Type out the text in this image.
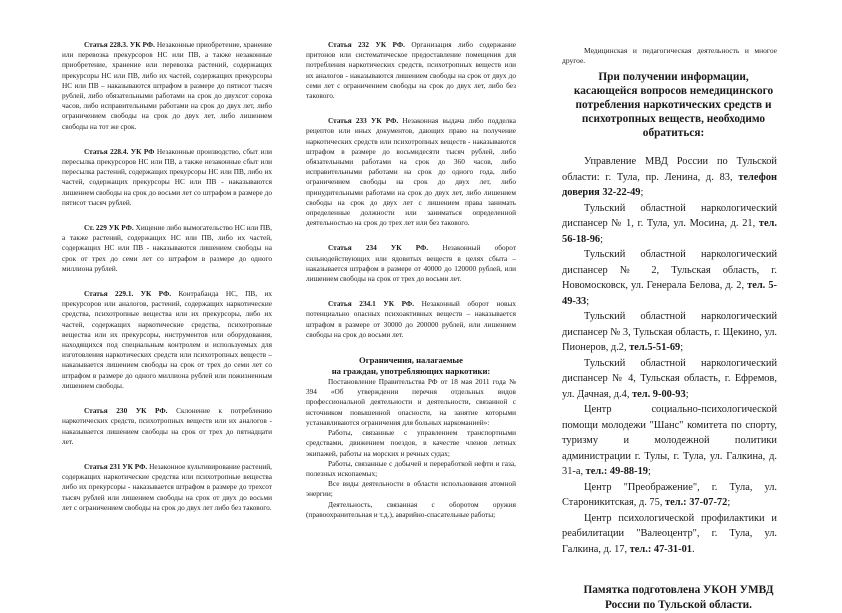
Статья 228.3. УК РФ. Незаконные приобретение, хранение или перевозка прекурсоров НС или ПВ, а также незаконные приобретение, хранение или перевозка растений, содержащих прекурсоры НС или ПВ, либо их частей, содержащих прекурсоры НС или ПВ – наказываются штрафом в размере до пятисот тысяч рублей, либо обязательными работами на срок до двухсот сорока часов, либо исправительными работами на срок до двух лет, либо ограничением свободы на срок до двух лет, либо лишением свободы на тот же срок.

Статья 228.4. УК РФ Незаконные производство, сбыт или пересылка прекурсоров НС или ПВ, а также незаконные сбыт или пересылка растений, содержащих прекурсоры НС или ПВ, либо их частей, содержащих прекурсоры НС или ПВ - наказываются лишением свободы на срок до восьми лет со штрафом в размере до пятисот тысяч рублей.

Ст. 229 УК РФ. Хищение либо вымогательство НС или ПВ, а также растений, содержащих НС или ПВ, либо их частей, содержащих НС или ПВ - наказываются лишением свободы на срок от трех до семи лет со штрафом в размере до одного миллиона рублей.

Статья 229.1. УК РФ. Контрабанда НС, ПВ, их прекурсоров или аналогов, растений, содержащих наркотические средства, психотропные вещества или их прекурсоры, либо их частей, содержащих наркотические средства, психотропные вещества или их прекурсоры, инструментов или оборудования, находящихся под специальным контролем и используемых для изготовления наркотических средств или психотропных веществ – наказывается лишением свободы на срок от трех до семи лет со штрафом в размере до одного миллиона рублей или пожизненным лишением свободы.

Статья 230 УК РФ. Склонение к потреблению наркотических средств, психотропных веществ или их аналогов - наказывается лишением свободы на срок от трех до пятнадцати лет.

Статья 231 УК РФ. Незаконное культивирование растений, содержащих наркотические средства или психотропные вещества либо их прекурсоры - наказывается штрафом в размере до трехсот тысяч рублей или лишением свободы на срок от двух до восьми лет с ограничением свободы на срок до двух лет либо без такового.

Статья 232 УК РФ. Организация либо содержание притонов или систематическое предоставление помещения для потребления наркотических средств, психотропных веществ или их аналогов - наказываются лишением свободы на срок от двух до семи лет с ограничением свободы на срок до двух лет, либо без такового.

Статья 233 УК РФ. Незаконная выдача либо подделка рецептов или иных документов, дающих право на получение наркотических средств или психотропных веществ - наказываются штрафом в размере до восьмидесяти тысяч рублей, либо обязательными работами на срок до 360 часов, либо исправительными работами на срок до одного года, либо ограничением свободы на срок до двух лет, либо принудительными работами на срок до двух лет, либо лишением свободы на срок до двух лет с лишением права занимать определенные должности или заниматься определенной деятельностью на срок до трех лет или без такового.

Статья 234 УК РФ. Незаконный оборот сильнодействующих или ядовитых веществ в целях сбыта – наказывается штрафом в размере от 40000 до 120000 рублей, или лишением свободы на срок от трех до восьми лет.

Статья 234.1 УК РФ. Незаконный оборот новых потенциально опасных психоактивных веществ – наказывается штрафом в размере от 30000 до 200000 рублей, или лишением свободы на срок до восьми лет.

Ограничения, налагаемые
на граждан, употребляющих наркотики:

Постановление Правительства РФ от 18 мая 2011 года № 394 «Об утверждении перечня отдельных видов профессиональной деятельности и деятельности, связанной с источником повышенной опасности, на занятие которыми устанавливаются ограничения для больных наркоманией»:

Работы, связанные с управлением транспортными средствами, движением поездов, в качестве членов летных экипажей, работы на морских и речных судах;

Работы, связанные с добычей и переработкой нефти и газа, полезных ископаемых;

Все виды деятельности в области использования атомной энергии;

Деятельность, связанная с оборотом оружия (правоохранительная и т.д.), аварийно-спасательные работы;

Медицинская и педагогическая деятельность и многое другое.

При получении информации, касающейся вопросов немедицинского потребления наркотических средств и психотропных веществ, необходимо обратиться:

Управление МВД России по Тульской области: г. Тула, пр. Ленина, д. 83, телефон доверия 32-22-49;

Тульский областной наркологический диспансер № 1, г. Тула, ул. Мосина, д. 21, тел. 56-18-96;

Тульский областной наркологический диспансер № 2, Тульская область, г. Новомосковск, ул. Генерала Белова, д. 2, тел. 5-49-33;

Тульский областной наркологический диспансер № 3, Тульская область, г. Щекино, ул. Пионеров, д.2, тел.5-51-69;

Тульский областной наркологический диспансер № 4, Тульская область, г. Ефремов, ул. Дачная, д.4, тел. 9-00-93;

Центр социально-психологической помощи молодежи "Шанс" комитета по спорту, туризму и молодежной политики администрации г. Тулы, г. Тула, ул. Галкина, д. 31-а, тел.: 49-88-19;

Центр "Преображение", г. Тула, ул. Староникитская, д. 75, тел.: 37-07-72;

Центр психологической профилактики и реабилитации "Валеоцентр", г. Тула, ул. Галкина, д. 17, тел.: 47-31-01.

Памятка подготовлена УКОН УМВД России по Тульской области.
